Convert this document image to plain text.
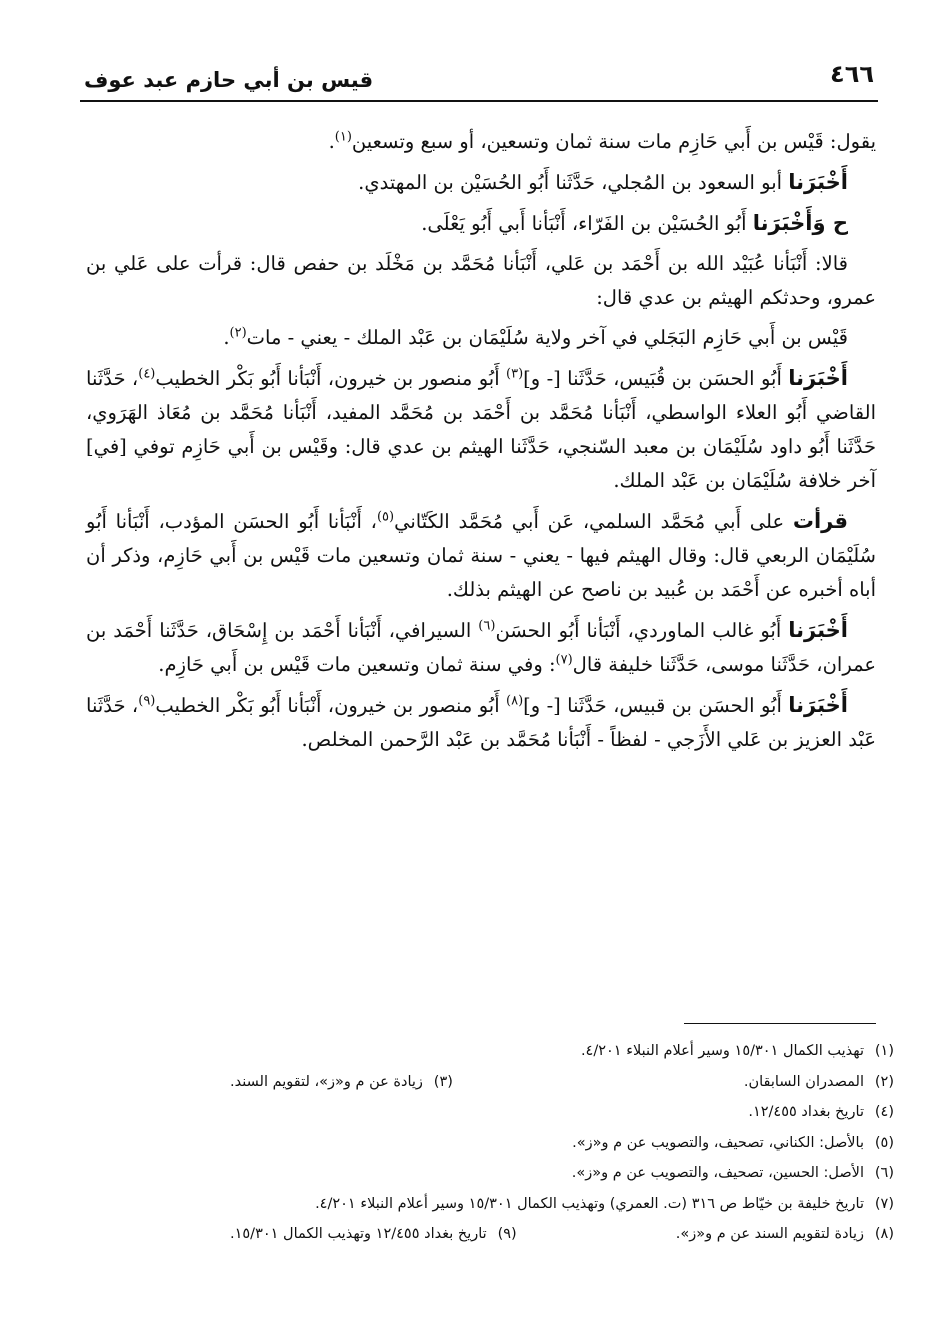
٤٦٦
قيس بن أبي حازم عبد عوف

يقول: قَيْس بن أَبي حَازِم مات سنة ثمان وتسعين، أو سبع وتسعين$^{(١)}$.

أَخْبَرَنا أبو السعود بن المُجلي، حَدَّثَنا أَبُو الحُسَيْن بن المهتدي.

ح وَأَخْبَرَنا أَبُو الحُسَيْن بن الفَرّاء، أَنْبَأنا أَبي أَبُو يَعْلَى.

قالا: أَنْبَأنا عُبَيْد الله بن أَحْمَد بن عَلي، أَنْبَأنا مُحَمَّد بن مَخْلَد بن حفص قال: قرأت على عَلي بن عمرو، وحدثكم الهيثم بن عدي قال:

قَيْس بن أَبي حَازِم البَجَلي في آخر ولاية سُلَيْمَان بن عَبْد الملك - يعني - مات$^{(٢)}$.

أَخْبَرَنا أَبُو الحسَن بن قُبَيس، حَدَّثَنا [- و]$^{(٣)}$ أَبُو منصور بن خيرون، أَنْبَأنا أَبُو بَكْر الخطيب$^{(٤)}$، حَدَّثَنا القاضي أَبُو العلاء الواسطي، أَنْبَأنا مُحَمَّد بن أَحْمَد بن مُحَمَّد المفيد، أَنْبَأنا مُحَمَّد بن مُعَاذ الهَرَوي، حَدَّثَنا أَبُو داود سُلَيْمَان بن معبد السّنجي، حَدَّثَنا الهيثم بن عدي قال: وقَيْس بن أَبي حَازِم توفي [في] آخر خلافة سُلَيْمَان بن عَبْد الملك.

قرأت على أَبي مُحَمَّد السلمي، عَن أَبي مُحَمَّد الكَتّاني$^{(٥)}$، أَنْبَأنا أَبُو الحسَن المؤدب، أَنْبَأنا أَبُو سُلَيْمَان الربعي قال: وقال الهيثم فيها - يعني - سنة ثمان وتسعين مات قَيْس بن أَبي حَازِم، وذكر أن أباه أخبره عن أَحْمَد بن عُبيد بن ناصح عن الهيثم بذلك.

أَخْبَرَنا أَبُو غالب الماوردي، أَنْبَأنا أَبُو الحسَن$^{(٦)}$ السيرافي، أَنْبَأنا أَحْمَد بن إِسْحَاق، حَدَّثَنا أَحْمَد بن عمران، حَدَّثَنا موسى، حَدَّثَنا خليفة قال$^{(٧)}$: وفي سنة ثمان وتسعين مات قَيْس بن أَبي حَازِم.

أَخْبَرَنا أَبُو الحسَن بن قبيس، حَدَّثَنا [- و]$^{(٨)}$ أَبُو منصور بن خيرون، أَنْبَأنا أَبُو بَكْر الخطيب$^{(٩)}$، حَدَّثَنا عَبْد العزيز بن عَلي الأَزَجي - لفظاً - أَنْبَأنا مُحَمَّد بن عَبْد الرَّحمن المخلص.

(١)تهذيب الكمال ١٥/٣٠١ وسير أعلام النبلاء ٤/٢٠١.
(٢)المصدران السابقان.
(٣)زيادة عن م و«ز»، لتقويم السند.
(٤)تاريخ بغداد ١٢/٤٥٥.
(٥)بالأصل: الكناني، تصحيف، والتصويب عن م و«ز».
(٦)الأصل: الحسين، تصحيف، والتصويب عن م و«ز».
(٧)تاريخ خليفة بن خيّاط ص ٣١٦ (ت. العمري) وتهذيب الكمال ١٥/٣٠١ وسير أعلام النبلاء ٤/٢٠١.
(٨)زيادة لتقويم السند عن م و«ز».
(٩)تاريخ بغداد ١٢/٤٥٥ وتهذيب الكمال ١٥/٣٠١.
